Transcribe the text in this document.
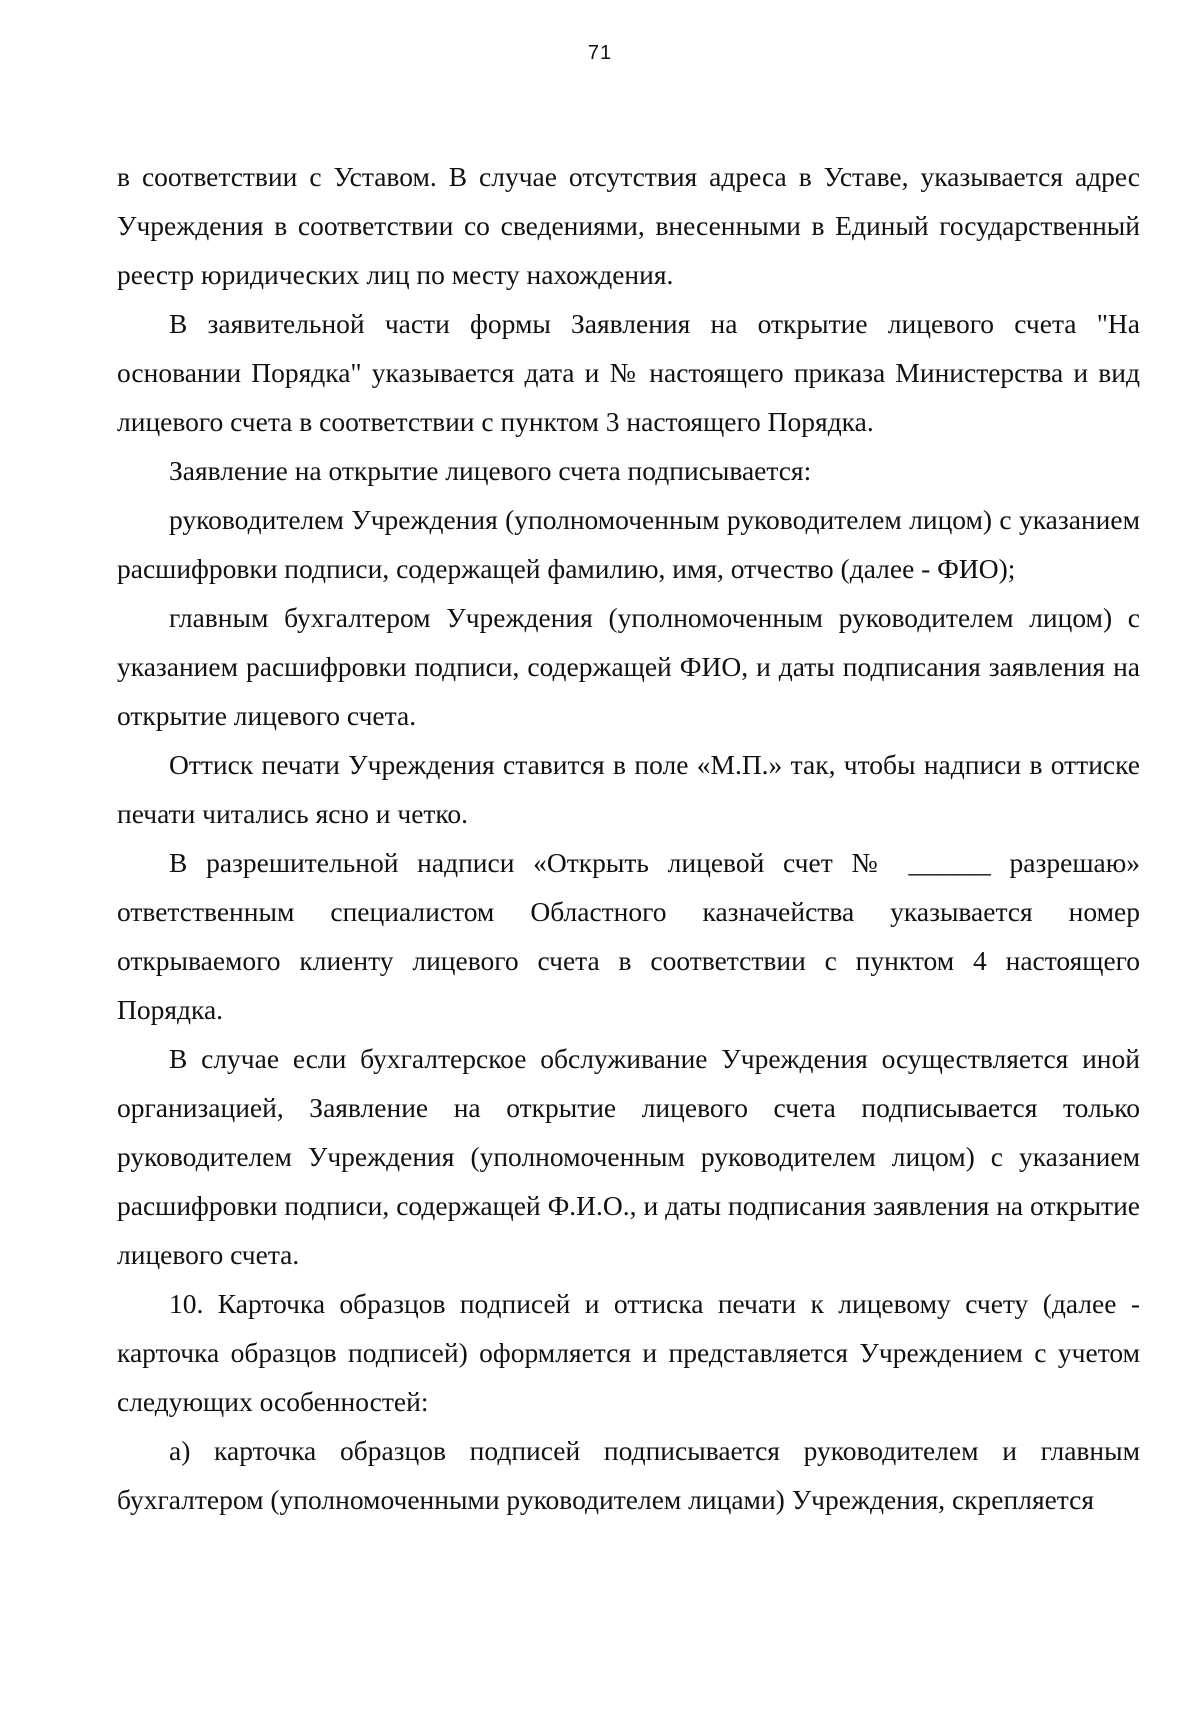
71

в соответствии с Уставом. В случае отсутствия адреса в Уставе, указывается адрес Учреждения в соответствии со сведениями, внесенными в Единый государственный реестр юридических лиц по месту нахождения.

В заявительной части формы Заявления на открытие лицевого счета "На основании Порядка" указывается дата и № настоящего приказа Министерства и вид лицевого счета в соответствии с пунктом 3 настоящего Порядка.

Заявление на открытие лицевого счета подписывается:

руководителем Учреждения (уполномоченным руководителем лицом) с указанием расшифровки подписи, содержащей фамилию, имя, отчество (далее - ФИО);

главным бухгалтером Учреждения (уполномоченным руководителем лицом) с указанием расшифровки подписи, содержащей ФИО, и даты подписания заявления на открытие лицевого счета.

Оттиск печати Учреждения ставится в поле «М.П.» так, чтобы надписи в оттиске печати читались ясно и четко.

В разрешительной надписи «Открыть лицевой счет № ______ разрешаю» ответственным специалистом Областного казначейства указывается номер открываемого клиенту лицевого счета в соответствии с пунктом 4 настоящего Порядка.

В случае если бухгалтерское обслуживание Учреждения осуществляется иной организацией, Заявление на открытие лицевого счета подписывается только руководителем Учреждения (уполномоченным руководителем лицом) с указанием расшифровки подписи, содержащей Ф.И.О., и даты подписания заявления на открытие лицевого счета.

10. Карточка образцов подписей и оттиска печати к лицевому счету (далее - карточка образцов подписей) оформляется и представляется Учреждением с учетом следующих особенностей:

а) карточка образцов подписей подписывается руководителем и главным бухгалтером (уполномоченными руководителем лицами) Учреждения, скрепляется
